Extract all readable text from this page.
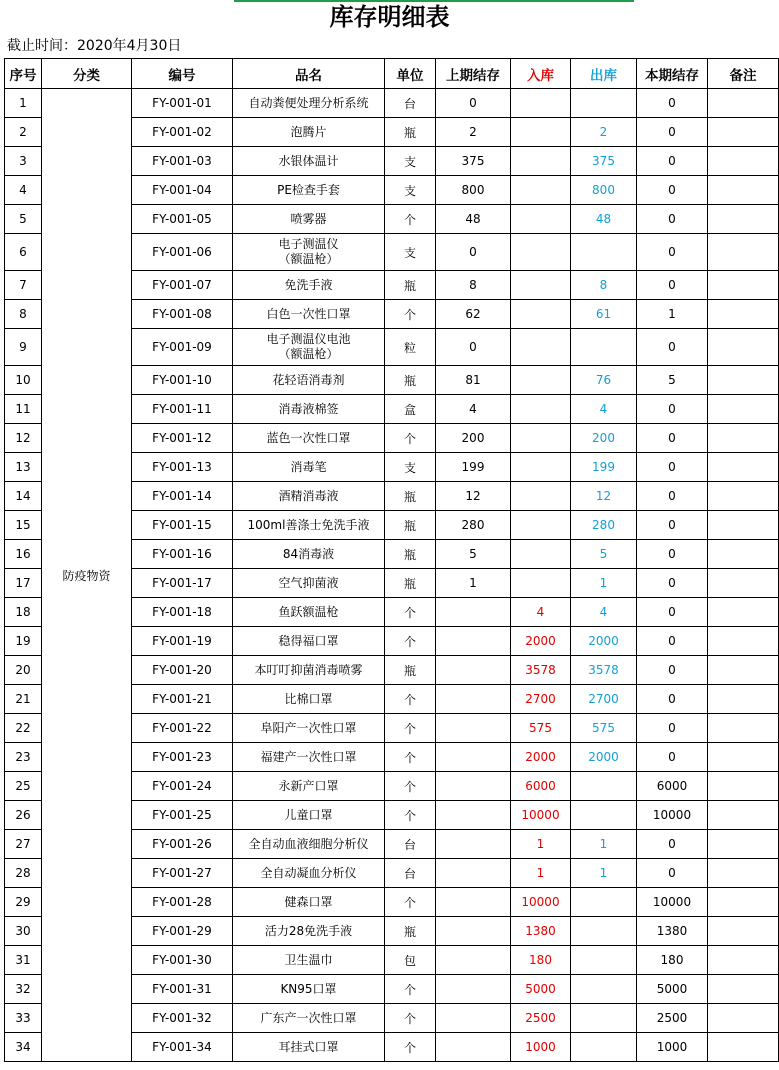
库存明细表
截止时间：2020年4月30日
序号	分类	编号	品名	单位	上期结存	入库	出库	本期结存	备注
1	防疫物资	FY-001-01	自动粪便处理分析系统	台	0			0	
2		FY-001-02	泡腾片	瓶	2		2	0	
3		FY-001-03	水银体温计	支	375		375	0	
4		FY-001-04	PE检查手套	支	800		800	0	
5		FY-001-05	喷雾器	个	48		48	0	
6		FY-001-06	电子测温仪
（额温枪）	支	0			0	
7		FY-001-07	免洗手液	瓶	8		8	0	
8		FY-001-08	白色一次性口罩	个	62		61	1	
9		FY-001-09	电子测温仪电池
（额温枪）	粒	0			0	
10		FY-001-10	花轻语消毒剂	瓶	81		76	5	
11		FY-001-11	消毒液棉签	盒	4		4	0	
12		FY-001-12	蓝色一次性口罩	个	200		200	0	
13		FY-001-13	消毒笔	支	199		199	0	
14		FY-001-14	酒精消毒液	瓶	12		12	0	
15		FY-001-15	100ml善涤士免洗手液	瓶	280		280	0	
16		FY-001-16	84消毒液	瓶	5		5	0	
17		FY-001-17	空气抑菌液	瓶	1		1	0	
18		FY-001-18	鱼跃额温枪	个		4	4	0	
19		FY-001-19	稳得福口罩	个		2000	2000	0	
20		FY-001-20	本叮叮抑菌消毒喷雾	瓶		3578	3578	0	
21		FY-001-21	比棉口罩	个		2700	2700	0	
22		FY-001-22	阜阳产一次性口罩	个		575	575	0	
23		FY-001-23	福建产一次性口罩	个		2000	2000	0	
25		FY-001-24	永新产口罩	个		6000		6000	
26		FY-001-25	儿童口罩	个		10000		10000	
27		FY-001-26	全自动血液细胞分析仪	台		1	1	0	
28		FY-001-27	全自动凝血分析仪	台		1	1	0	
29		FY-001-28	健森口罩	个		10000		10000	
30		FY-001-29	活力28免洗手液	瓶		1380		1380	
31		FY-001-30	卫生温巾	包		180		180	
32		FY-001-31	KN95口罩	个		5000		5000	
33		FY-001-32	广东产一次性口罩	个		2500		2500	
34		FY-001-34	耳挂式口罩	个		1000		1000	
